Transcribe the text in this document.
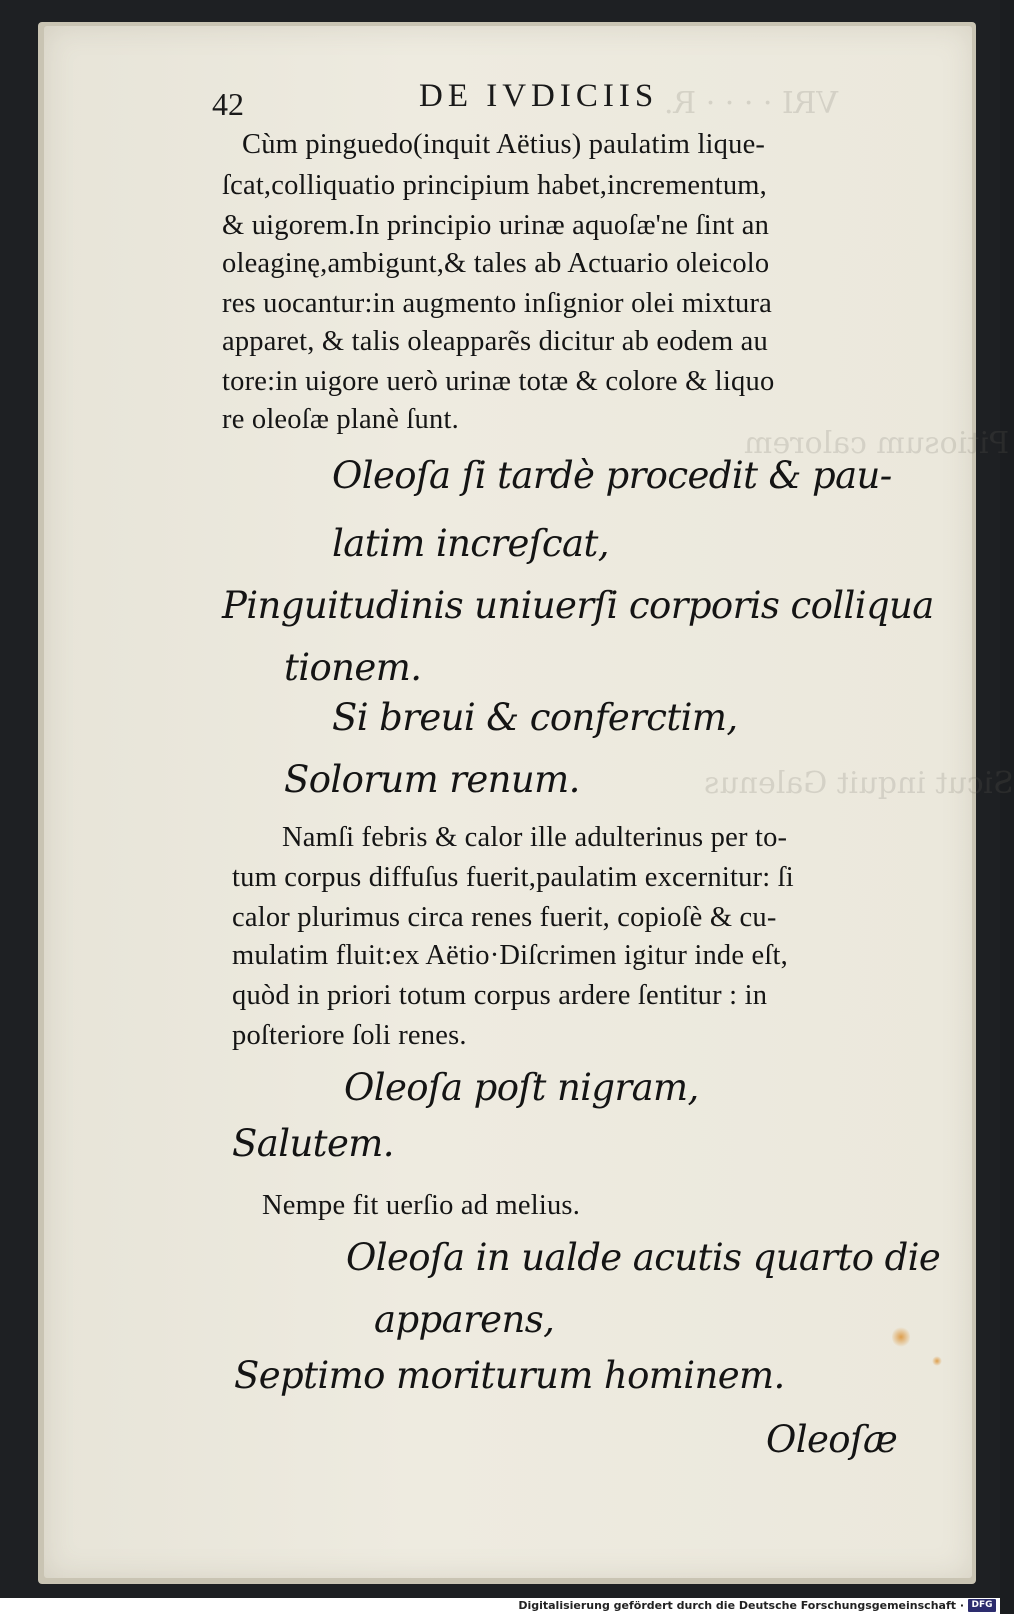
VRI · · · · R.
Pitiosum calorem
Sicut inquit Galenus
42	DE IVDICIIS
Cùm pinguedo(inquit Aëtius) paulatim lique-
ſcat,colliquatio principium habet,incrementum,
& uigorem.In principio urinæ aquoſæ'ne ſint an
oleaginę,ambigunt,& tales ab Actuario oleicolo
res uocantur:in augmento inſignior olei mixtura
apparet, & talis oleapparẽs dicitur ab eodem au
tore:in uigore uerò urinæ totæ & colore & liquo
re oleoſæ planè ſunt.
Oleoſa ſi tardè procedit & pau-
latim increſcat,
Pinguitudinis uniuerſi corporis colliqua
tionem.
Si breui & conferctim,
Solorum renum.
Namſi febris & calor ille adulterinus per to-
tum corpus diffuſus fuerit,paulatim excernitur: ſi
calor plurimus circa renes fuerit, copioſè & cu-
mulatim fluit:ex Aëtio·Diſcrimen igitur inde eſt,
quòd in priori totum corpus ardere ſentitur : in
poſteriore ſoli renes.
Oleoſa poſt nigram,
Salutem.
Nempe fit uerſio ad melius.
Oleoſa in ualde acutis quarto die
apparens,
Septimo moriturum hominem.
Oleoſæ
Digitalisierung gefördert durch die Deutsche Forschungsgemeinschaft · DFG
